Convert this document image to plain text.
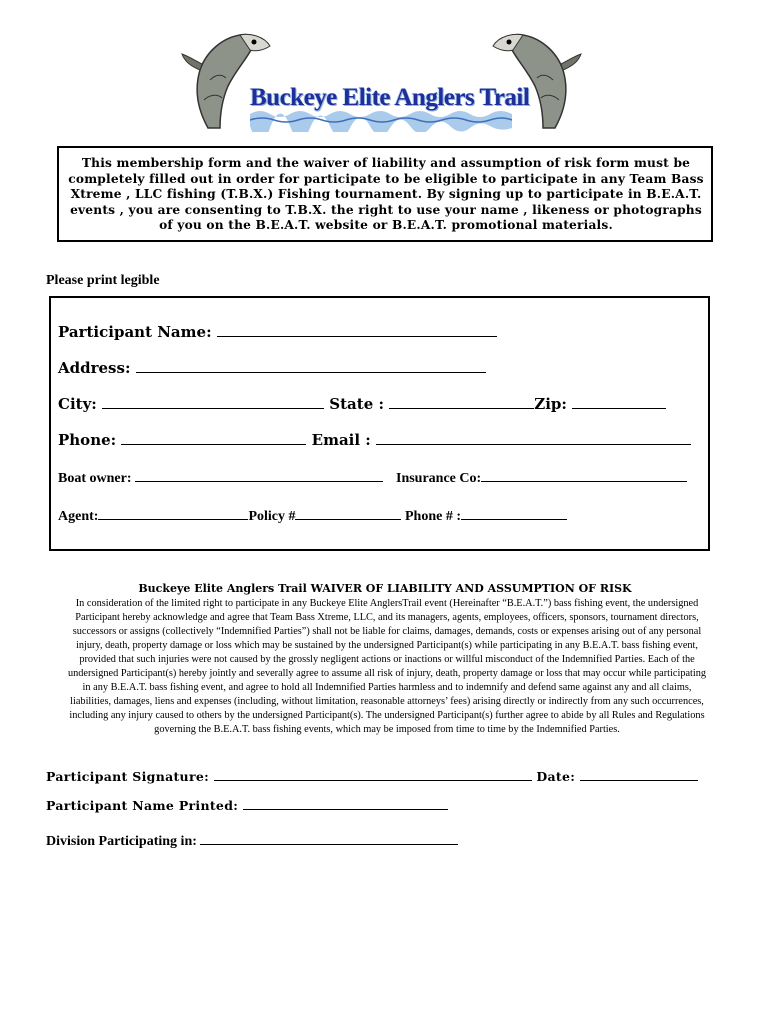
Buckeye Elite Anglers Trail
This membership form and the waiver of liability and assumption of risk form must be completely filled out in order for participate to be eligible to participate in any Team Bass Xtreme , LLC fishing (T.B.X.) Fishing tournament. By signing up to participate in B.E.A.T. events , you are consenting to T.B.X. the right to use your name , likeness or photographs of you on the B.E.A.T. website or B.E.A.T. promotional materials.
Please print legible
Participant Name:
Address:
City:	State :	Zip:
Phone:	Email :
Boat owner:	Insurance Co:
Agent:	Policy #	Phone # :
Buckeye Elite Anglers Trail WAIVER OF LIABILITY AND ASSUMPTION OF RISK
In consideration of the limited right to participate in any Buckeye Elite AnglersTrail event (Hereinafter “B.E.A.T.”) bass fishing event, the undersigned Participant hereby acknowledge and agree that Team Bass Xtreme, LLC, and its managers, agents, employees, officers, sponsors, tournament directors, successors or assigns (collectively “Indemnified Parties”) shall not be liable for claims, damages, demands, costs or expenses arising out of any personal injury, death, property damage or loss which may be sustained by the undersigned Participant(s) while participating in any B.E.A.T. bass fishing event, provided that such injuries were not caused by the grossly negligent actions or inactions or willful misconduct of the Indemnified Parties. Each of the undersigned Participant(s) hereby jointly and severally agree to assume all risk of injury, death, property damage or loss that may occur while participating in any B.E.A.T. bass fishing event, and agree to hold all Indemnified Parties harmless and to indemnify and defend same against any and all claims, liabilities, damages, liens and expenses (including, without limitation, reasonable attorneys’ fees) arising directly or indirectly from any such occurrences, including any injury caused to others by the undersigned Participant(s). The undersigned Participant(s) further agree to abide by all Rules and Regulations governing the B.E.A.T. bass fishing events, which may be imposed from time to time by the Indemnified Parties.
Participant Signature:	Date:
Participant Name Printed:
Division Participating in:
